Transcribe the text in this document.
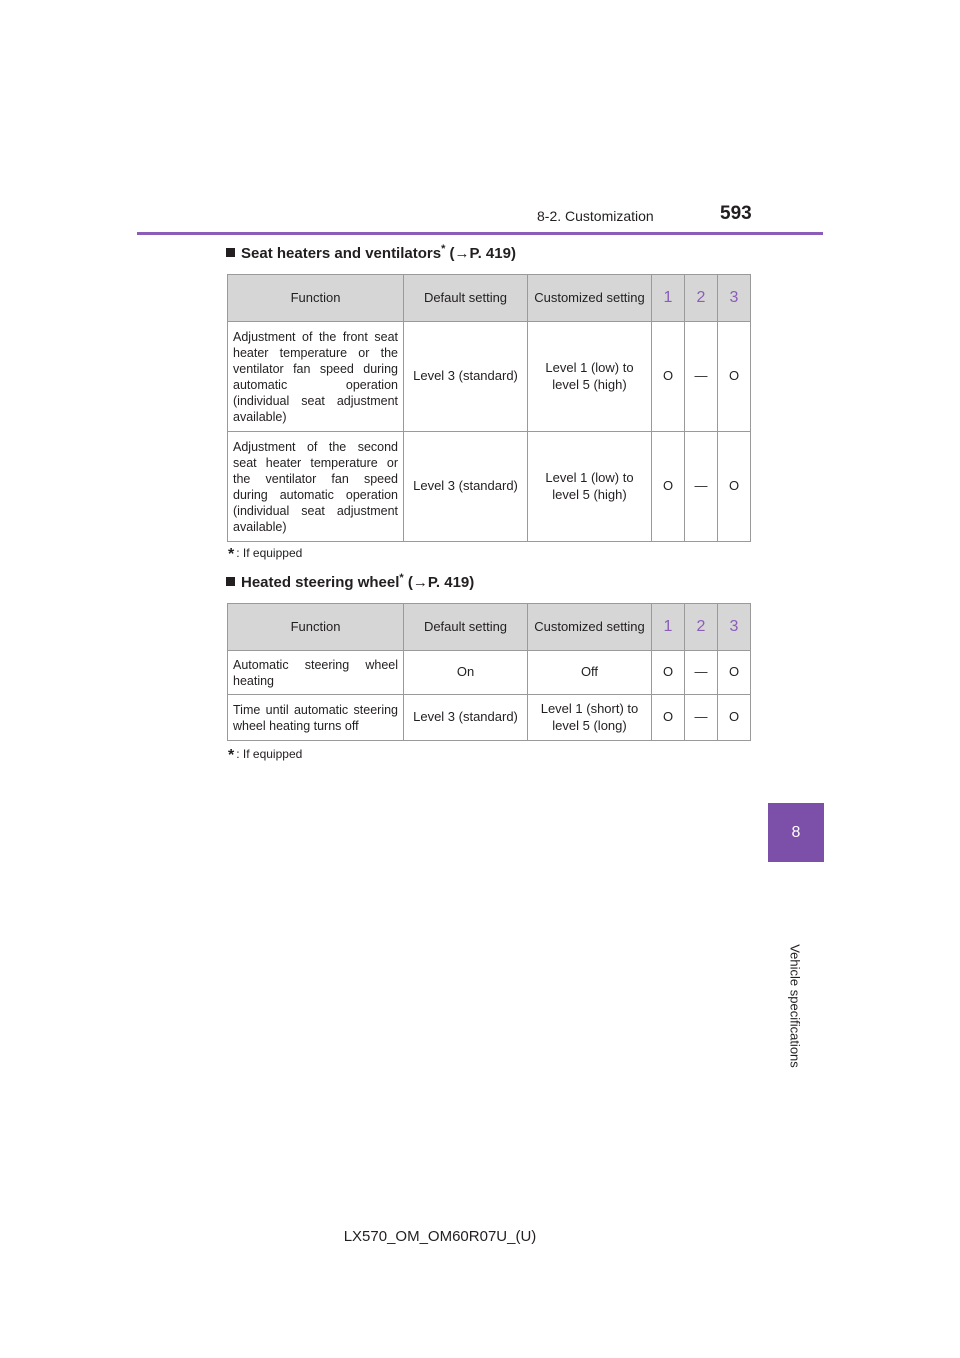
8-2. Customization	593
8
Vehicle specifications
Seat heaters and ventilators* (→P. 419)
Function	Default setting	Customized setting	1	2	3
Adjustment of the front seat heater temperature or the ventilator fan speed during automatic operation (individual seat adjustment available)	Level 3 (standard)	Level 1 (low) to level 5 (high)	O	—	O
Adjustment of the second seat heater temperature or the ventilator fan speed during automatic operation (individual seat adjustment available)	Level 3 (standard)	Level 1 (low) to level 5 (high)	O	—	O
* : If equipped
Heated steering wheel* (→P. 419)
Function	Default setting	Customized setting	1	2	3
Automatic steering wheel heating	On	Off	O	—	O
Time until automatic steering wheel heating turns off	Level 3 (standard)	Level 1 (short) to level 5 (long)	O	—	O
* : If equipped
LX570_OM_OM60R07U_(U)
